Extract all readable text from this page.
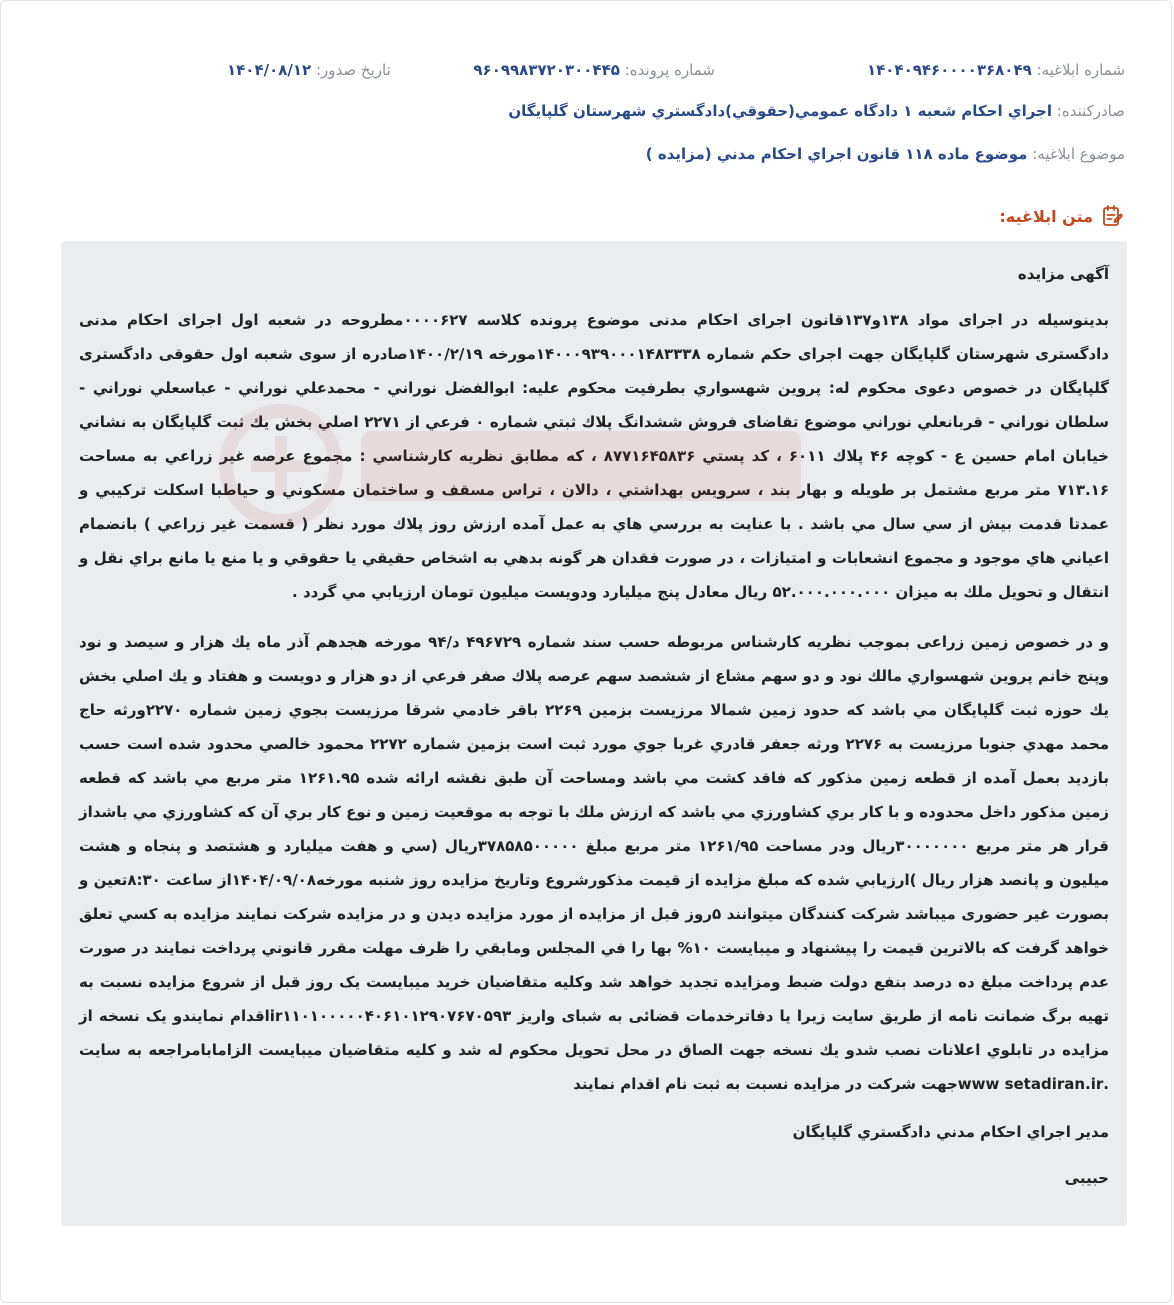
شماره ابلاغیه: ۱۴۰۴۰۹۴۶۰۰۰۰۳۶۸۰۴۹
شماره پرونده: ۹۶۰۹۹۸۳۷۲۰۳۰۰۴۴۵
تاریخ صدور: ۱۴۰۴/۰۸/۱۲
صادرکننده: اجراي احكام شعبه ۱ دادگاه عمومي(حقوقي)دادگستري شهرستان گلپايگان
موضوع ابلاغیه: موضوع ماده ۱۱۸ قانون اجراي احكام مدني (مزايده )
متن ابلاغیه:
آگهی مزایده

بدینوسیله در اجرای مواد ۱۳۸و۱۳۷قانون اجرای احکام مدنی موضوع پرونده کلاسه ۰۰۰۰۶۲۷مطروحه در شعبه اول اجرای احکام مدنی دادگستری شهرستان گلپایگان جهت اجرای حکم شماره ۱۴۰۰۰۹۳۹۰۰۰۱۴۸۳۳۳۸مورخه ۱۴۰۰/۲/۱۹صادره از سوی شعبه اول حقوقی دادگستری گلپایگان در خصوص دعوی محکوم له: پروين شهسواري بطرفيت محكوم عليه: ابوالفضل نوراني - محمدعلي نوراني - عباسعلي نوراني - سلطان نوراني - قربانعلي نوراني موضوع تقاضای فروش ششدانگ پلاك ثبتي شماره ۰ فرعي از ۲۲۷۱ اصلي بخش يك ثبت گلپايگان به نشاني خيابان امام حسين ع - كوچه ۴۶ پلاك ۶۰۱۱ ، كد پستي ۸۷۷۱۶۴۵۸۳۶ ، كه مطابق نظريه كارشناسي : مجموع عرصه غير زراعي به مساحت ۷۱۳.۱۶ متر مربع مشتمل بر طويله و بهار بند ، سرويس بهداشتي ، دالان ، تراس مسقف و ساختمان مسكوني و حياطبا اسكلت تركيبي و عمدتا قدمت بيش از سي سال مي باشد . با عنايت به بررسي هاي به عمل آمده ارزش روز پلاك مورد نظر ( قسمت غير زراعي ) بانضمام اعياني هاي موجود و مجموع انشعابات و امتيازات ، در صورت فقدان هر گونه بدهي به اشخاص حقيقي يا حقوقي و يا منع يا مانع براي نقل و انتقال و تحويل ملك به ميزان ۵۲.۰۰۰.۰۰۰.۰۰۰ ريال معادل پنج ميليارد ودويست ميليون تومان ارزيابي مي گردد .

و در خصوص زمین زراعی بموجب نظريه كارشناس مربوطه حسب سند شماره ۴۹۶۷۲۹ د/۹۴ مورخه هجدهم آذر ماه يك هزار و سيصد و نود وپنج خانم پروين شهسواري مالك نود و دو سهم مشاع از ششصد سهم عرصه پلاك صفر فرعي از دو هزار و دويست و هفتاد و يك اصلي بخش يك حوزه ثبت گلپايگان مي باشد كه حدود زمين شمالا مرزيست بزمين ۲۲۶۹ باقر خادمي شرقا مرزيست بجوي زمين شماره ۲۲۷۰ورثه حاج محمد مهدي جنوبا مرزيست به ۲۲۷۶ ورثه جعفر قادري غربا جوي مورد ثبت است بزمين شماره ۲۲۷۲ محمود خالصي محدود شده است حسب بازديد بعمل آمده از قطعه زمين مذكور كه فاقد كشت مي باشد ومساحت آن طبق نقشه ارائه شده ۱۲۶۱.۹۵ متر مربع مي باشد كه قطعه زمين مذكور داخل محدوده و با كار بري كشاورزي مي باشد كه ارزش ملك با توجه به موقعيت زمين و نوع كار بري آن كه كشاورزي مي باشداز قرار هر متر مربع ۳۰۰۰۰۰۰۰ريال ودر مساحت ۱۲۶۱/۹۵ متر مربع مبلغ ۳۷۸۵۸۵۰۰۰۰۰ريال (سي و هفت ميليارد و هشتصد و پنجاه و هشت ميليون و پانصد هزار ريال )ارزيابي شده كه مبلغ مزايده از قيمت مذكورشروع وتاريخ مزايده روز شنبه مورخه۱۴۰۴/۰۹/۰۸از ساعت ۸:۳۰تعين و بصورت غیر حضوری میباشد شركت كنندگان ميتوانند ۵روز قبل از مزايده از مورد مزايده ديدن و در مزايده شركت نمايند مزايده به كسي تعلق خواهد گرفت كه بالاترين قيمت را پيشنهاد و ميبايست ۱۰% بها را في المجلس ومابقي را ظرف مهلت مقرر قانوني پرداخت نمايند در صورت عدم پرداخت مبلغ ده درصد بنفع دولت ضبط ومزايده تجديد خواهد شد وكليه متقاضيان خريد میبایست یک روز قبل از شروع مزایده نسبت به تهيه برگ ضمانت نامه از طريق سايت زيرا يا دفاترخدمات قضائی به شبای واريز ir۱۱۰۱۰۰۰۰۰۴۰۶۱۰۱۲۹۰۷۶۷۰۵۹۳اقدام نمايندو يک نسخه از مزايده در تابلوي اعلانات نصب شدو يك نسخه جهت الصاق در محل تحويل محكوم له شد و كليه متقاضيان ميبايست الزامابامراجعه به سايت .www setadiran.irجهت شركت در مزايده نسبت به ثبت نام اقدام نمايند

مدير اجراي احكام مدني دادگستري گلپايگان
حبیبی
